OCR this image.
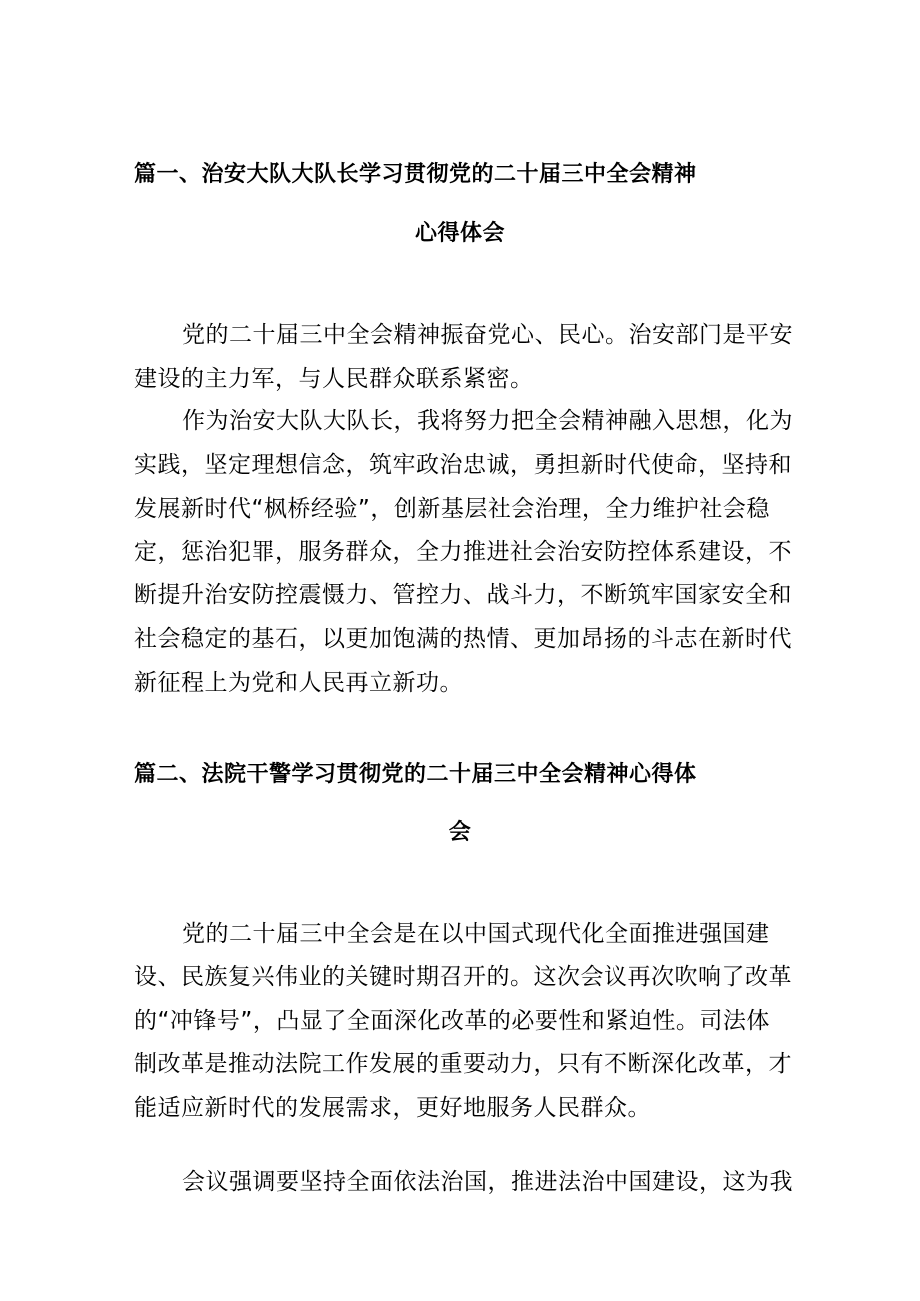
篇一、治安大队大队长学习贯彻党的二十届三中全会精神
心得体会
党的二十届三中全会精神振奋党心、民心。治安部门是平安
建设的主力军，与人民群众联系紧密。
作为治安大队大队长，我将努力把全会精神融入思想，化为
实践，坚定理想信念，筑牢政治忠诚，勇担新时代使命，坚持和
发展新时代“枫桥经验”，创新基层社会治理，全力维护社会稳
定，惩治犯罪，服务群众，全力推进社会治安防控体系建设，不
断提升治安防控震慑力、管控力、战斗力，不断筑牢国家安全和
社会稳定的基石，以更加饱满的热情、更加昂扬的斗志在新时代
新征程上为党和人民再立新功。
篇二、法院干警学习贯彻党的二十届三中全会精神心得体
会
党的二十届三中全会是在以中国式现代化全面推进强国建
设、民族复兴伟业的关键时期召开的。这次会议再次吹响了改革
的“冲锋号”，凸显了全面深化改革的必要性和紧迫性。司法体
制改革是推动法院工作发展的重要动力，只有不断深化改革，才
能适应新时代的发展需求，更好地服务人民群众。
会议强调要坚持全面依法治国，推进法治中国建设，这为我
